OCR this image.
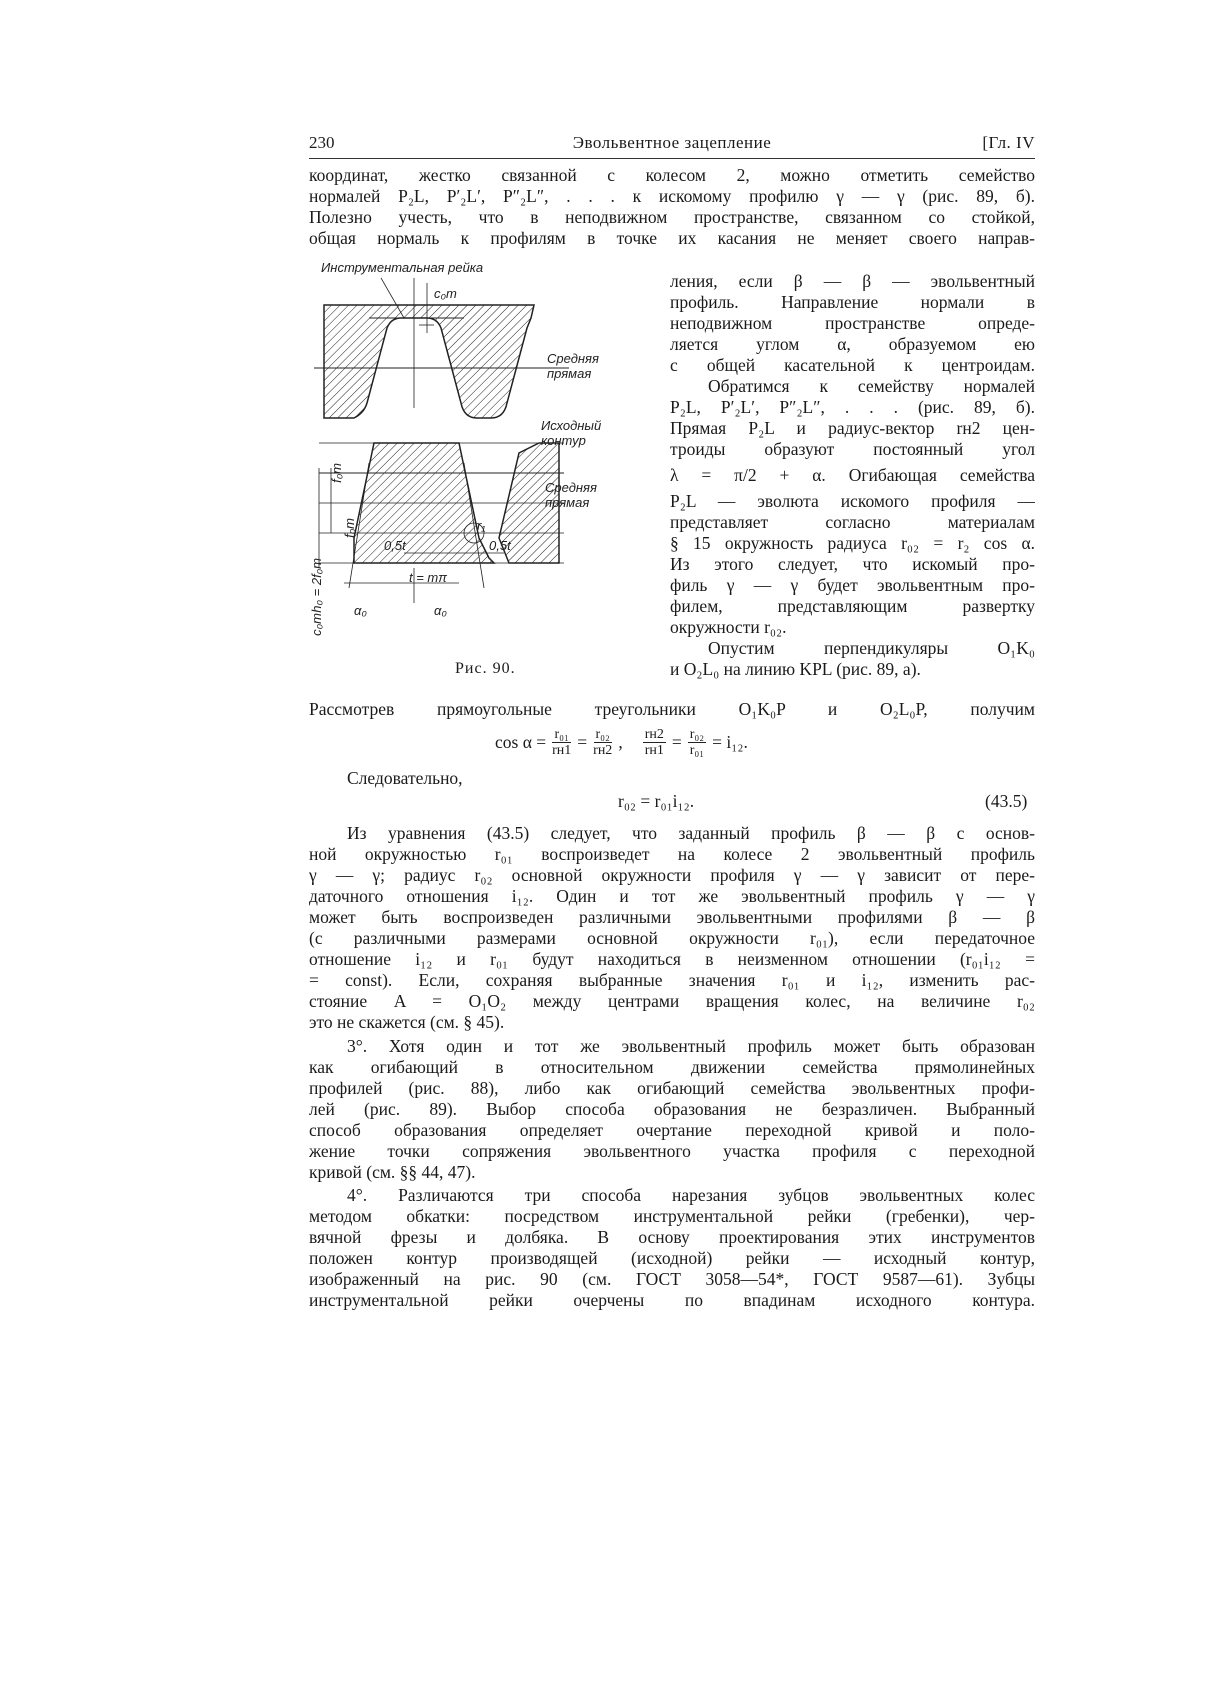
230	Эвольвентное зацепление	[Гл. IV
координат, жестко связанной с колесом 2, можно отметить семейство
нормалей P₂L, P′₂L′, P″₂L″, . . . к искомому профилю γ — γ (рис. 89, б).
Полезно учесть, что в неподвижном пространстве, связанном со стойкой,
общая нормаль к профилям в точке их касания не меняет своего направ-
Инструментальная рейка
Средняя прямая
Исходный контур
Средняя прямая
c₀m
h₀ = 2f₀m
f₀m
f₀m
c₀m
0,5t	0,5t
t = mπ
r₁
α₀	α₀
Рис. 90.
ления, если β — β — эвольвентный
профиль. Направление нормали в
неподвижном пространстве опреде-
ляется углом α, образуемом ею
с общей касательной к центроидам.
Обратимся к семейству нормалей
P₂L, P′₂L′, P″₂L″, . . . (рис. 89, б).
Прямая P₂L и радиус-вектор rн2 цен-
троиды образуют постоянный угол
λ = π/2 + α. Огибающая семейства
P₂L — эволюта искомого профиля —
представляет согласно материалам
§ 15 окружность радиуса r₀₂ = r₂ cos α.
Из этого следует, что искомый про-
филь γ — γ будет эвольвентным про-
филем, представляющим развертку
окружности r₀₂.
Опустим перпендикуляры O₁K₀
и O₂L₀ на линию KPL (рис. 89, а).
Рассмотрев прямоугольные треугольники O₁K₀P и O₂L₀P, получим
cos α = r₀₁
rн1 = r₀₂
rн2 , rн2
$rн1 = \frac{\text{r₀₂}}{\text{r₀₁}} = i_{12}$.
Следовательно,
r₀₂ = r₀₁i₁₂.	(43.5)
Из уравнения (43.5) следует, что заданный профиль β — β с основ-
ной окружностью r₀₁ воспроизведет на колесе 2 эвольвентный профиль
γ — γ; радиус r₀₂ основной окружности профиля γ — γ зависит от пере-
даточного отношения i₁₂. Один и тот же эвольвентный профиль γ — γ
может быть воспроизведен различными эвольвентными профилями β — β
(с различными размерами основной окружности r₀₁), если передаточное
отношение i₁₂ и r₀₁ будут находиться в неизменном отношении (r₀₁i₁₂ =
= const). Если, сохраняя выбранные значения r₀₁ и i₁₂, изменить рас-
стояние A = O₁O₂ между центрами вращения колес, на величине r₀₂
это не скажется (см. § 45).
3°. Хотя один и тот же эвольвентный профиль может быть образован
как огибающий в относительном движении семейства прямолинейных
профилей (рис. 88), либо как огибающий семейства эвольвентных профи-
лей (рис. 89). Выбор способа образования не безразличен. Выбранный
способ образования определяет очертание переходной кривой и поло-
жение точки сопряжения эвольвентного участка профиля с переходной
кривой (см. §§ 44, 47).
4°. Различаются три способа нарезания зубцов эвольвентных колес
методом обкатки: посредством инструментальной рейки (гребенки), чер-
вячной фрезы и долбяка. В основу проектирования этих инструментов
положен контур производящей (исходной) рейки — исходный контур,
изображенный на рис. 90 (см. ГОСТ 3058—54*, ГОСТ 9587—61). Зубцы
инструментальной рейки очерчены по впадинам исходного контура.
